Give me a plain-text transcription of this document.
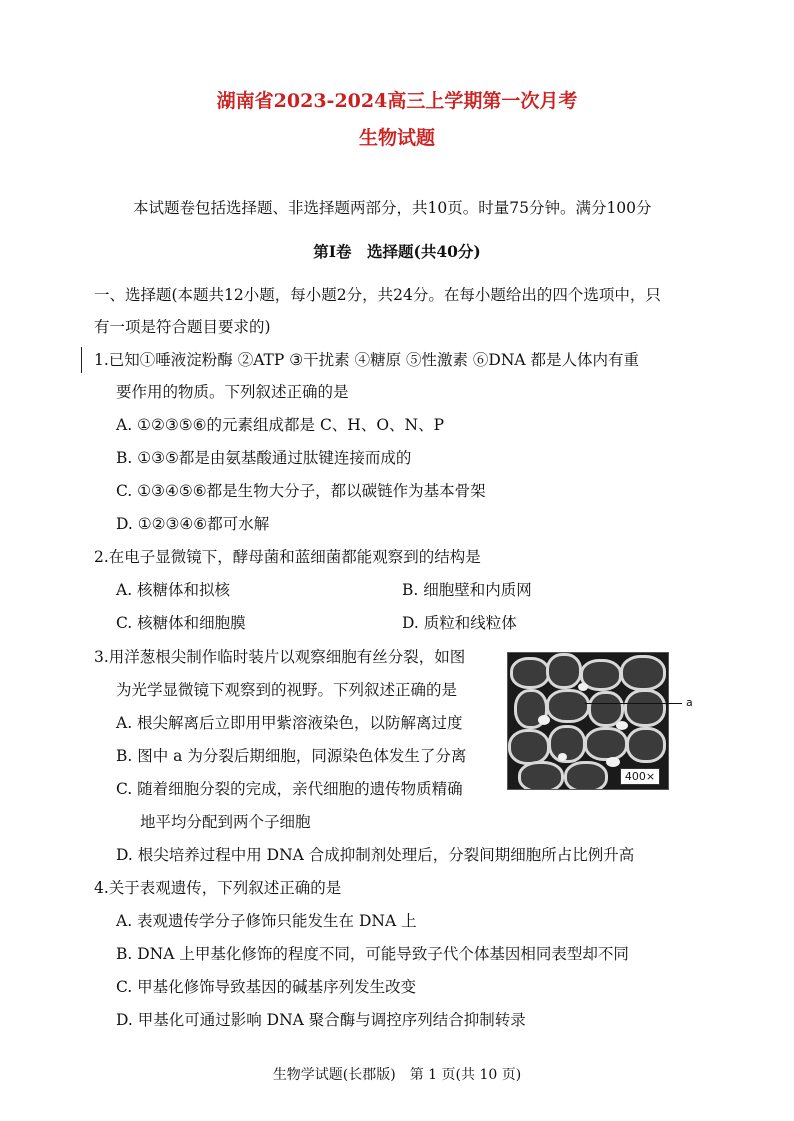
湖南省2023-2024高三上学期第一次月考
生物试题
本试题卷包括选择题、非选择题两部分，共10页。时量75分钟。满分100分
第Ⅰ卷　选择题(共40分)
一、选择题(本题共12小题，每小题2分，共24分。在每小题给出的四个选项中，只
有一项是符合题目要求的)
1.已知①唾液淀粉酶 ②ATP ③干扰素 ④糖原 ⑤性激素 ⑥DNA 都是人体内有重
要作用的物质。下列叙述正确的是
A. ①②③⑤⑥的元素组成都是 C、H、O、N、P
B. ①③⑤都是由氨基酸通过肽键连接而成的
C. ①③④⑤⑥都是生物大分子，都以碳链作为基本骨架
D. ①②③④⑥都可水解
2.在电子显微镜下，酵母菌和蓝细菌都能观察到的结构是
A. 核糖体和拟核	B. 细胞壁和内质网
C. 核糖体和细胞膜	D. 质粒和线粒体
3.用洋葱根尖制作临时装片以观察细胞有丝分裂，如图
为光学显微镜下观察到的视野。下列叙述正确的是
A. 根尖解离后立即用甲紫溶液染色，以防解离过度
B. 图中 a 为分裂后期细胞，同源染色体发生了分离
C. 随着细胞分裂的完成，亲代细胞的遗传物质精确
地平均分配到两个子细胞
D. 根尖培养过程中用 DNA 合成抑制剂处理后，分裂间期细胞所占比例升高
a
400×
4.关于表观遗传，下列叙述正确的是
A. 表观遗传学分子修饰只能发生在 DNA 上
B. DNA 上甲基化修饰的程度不同，可能导致子代个体基因相同表型却不同
C. 甲基化修饰导致基因的碱基序列发生改变
D. 甲基化可通过影响 DNA 聚合酶与调控序列结合抑制转录
生物学试题(长郡版)　第 1 页(共 10 页)
